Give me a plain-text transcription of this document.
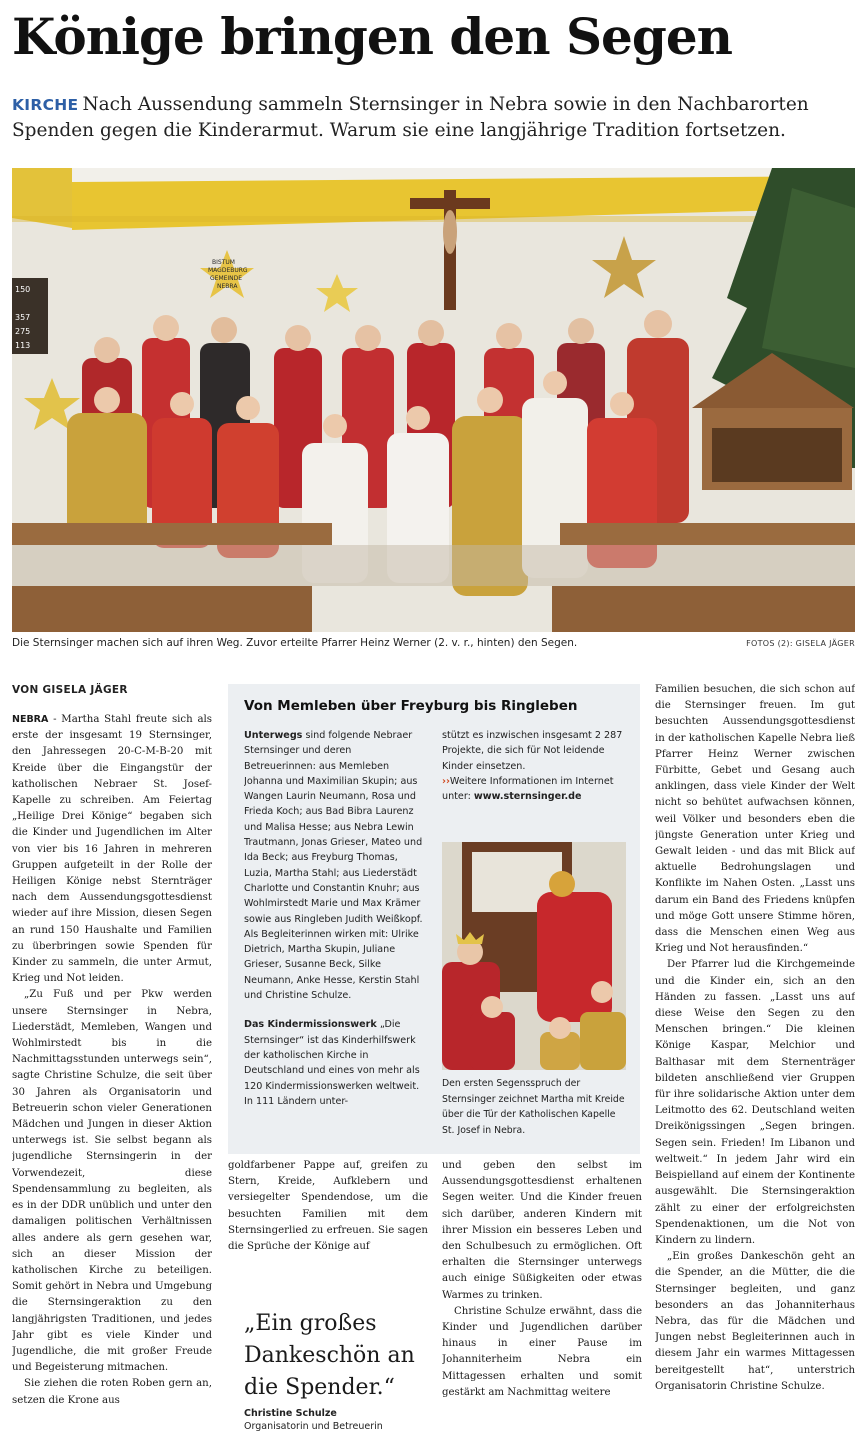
Könige bringen den Segen
KIRCHE Nach Aussendung sammeln Sternsinger in Nebra sowie in den Nachbarorten Spenden gegen die Kinderarmut. Warum sie eine langjährige Tradition fortsetzen.
150
357
275
113
BISTUM
MAGDEBURG
GEMEINDE
NEBRA
Die Sternsinger machen sich auf ihren Weg. Zuvor erteilte Pfarrer Heinz Werner (2. v. r., hinten) den Segen.	FOTOS (2): GISELA JÄGER
VON GISELA JÄGER

NEBRA - Martha Stahl freute sich als erste der insgesamt 19 Sternsinger, den Jahressegen 20-C-M-B-20 mit Kreide über die Eingangstür der katholischen Nebraer St. Josef-Kapelle zu schreiben. Am Feiertag „Heilige Drei Könige“ begaben sich die Kinder und Jugendlichen im Alter von vier bis 16 Jahren in mehreren Gruppen aufgeteilt in der Rolle der Heiligen Könige nebst Sternträger nach dem Aussendungsgottesdienst wieder auf ihre Mission, diesen Segen an rund 150 Haushalte und Familien zu überbringen sowie Spenden für Kinder zu sammeln, die unter Armut, Krieg und Not leiden.

„Zu Fuß und per Pkw werden unsere Sternsinger in Nebra, Liederstädt, Memleben, Wangen und Wohlmirstedt bis in die Nachmittagsstunden unterwegs sein“, sagte Christine Schulze, die seit über 30 Jahren als Organisatorin und Betreuerin schon vieler Generationen Mädchen und Jungen in dieser Aktion unterwegs ist. Sie selbst begann als jugendliche Sternsingerin in der Vorwendezeit, diese Spendensammlung zu begleiten, als es in der DDR unüblich und unter den damaligen politischen Verhältnissen alles andere als gern gesehen war, sich an dieser Mission der katholischen Kirche zu beteiligen. Somit gehört in Nebra und Umgebung die Sternsingeraktion zu den langjährigsten Traditionen, und jedes Jahr gibt es viele Kinder und Jugendliche, die mit großer Freude und Begeisterung mitmachen.

Sie ziehen die roten Roben gern an, setzen die Krone aus

Von Memleben über Freyburg bis Ringleben

Unterwegs sind folgende Nebraer Sternsinger und deren Betreuerinnen: aus Memleben Johanna und Maximilian Skupin; aus Wangen Laurin Neumann, Rosa und Frieda Koch; aus Bad Bibra Laurenz und Malisa Hesse; aus Nebra Lewin Trautmann, Jonas Grieser, Mateo und Ida Beck; aus Freyburg Thomas, Luzia, Martha Stahl; aus Liederstädt Charlotte und Constantin Knuhr; aus Wohlmirstedt Marie und Max Krämer sowie aus Ringleben Judith Weißkopf. Als Begleiterinnen wirken mit: Ulrike Dietrich, Martha Skupin, Juliane Grieser, Susanne Beck, Silke Neumann, Anke Hesse, Kerstin Stahl und Christine Schulze.

Das Kindermissionswerk „Die Sternsinger“ ist das Kinderhilfswerk der katholischen Kirche in Deutschland und eines von mehr als 120 Kindermissionswerken weltweit. In 111 Ländern unter-

stützt es inzwischen insgesamt 2 287 Projekte, die sich für Not leidende Kinder einsetzen.

››Weitere Informationen im Internet unter: www.sternsinger.de

Den ersten Segensspruch der Sternsinger zeichnet Martha mit Kreide über die Tür der Katholischen Kapelle St. Josef in Nebra.

goldfarbener Pappe auf, greifen zu Stern, Kreide, Aufklebern und versiegelter Spendendose, um die besuchten Familien mit dem Sternsingerlied zu erfreuen. Sie sagen die Sprüche der Könige auf

„Ein großes Dankeschön an die Spender.“
Christine Schulze
Organisatorin und Betreuerin

und geben den selbst im Aussendungsgottesdienst erhaltenen Segen weiter. Und die Kinder freuen sich darüber, anderen Kindern mit ihrer Mission ein besseres Leben und den Schulbesuch zu ermöglichen. Oft erhalten die Sternsinger unterwegs auch einige Süßigkeiten oder etwas Warmes zu trinken.

Christine Schulze erwähnt, dass die Kinder und Jugendlichen darüber hinaus in einer Pause im Johanniterheim Nebra ein Mittagessen erhalten und somit gestärkt am Nachmittag weitere

Familien besuchen, die sich schon auf die Sternsinger freuen. Im gut besuchten Aussendungsgottesdienst in der katholischen Kapelle Nebra ließ Pfarrer Heinz Werner zwischen Fürbitte, Gebet und Gesang auch anklingen, dass viele Kinder der Welt nicht so behütet aufwachsen können, weil Völker und besonders eben die jüngste Generation unter Krieg und Gewalt leiden - und das mit Blick auf aktuelle Bedrohungslagen und Konflikte im Nahen Osten. „Lasst uns darum ein Band des Friedens knüpfen und möge Gott unsere Stimme hören, dass die Menschen einen Weg aus Krieg und Not herausfinden.“

Der Pfarrer lud die Kirchgemeinde und die Kinder ein, sich an den Händen zu fassen. „Lasst uns auf diese Weise den Segen zu den Menschen bringen.“ Die kleinen Könige Kaspar, Melchior und Balthasar mit dem Sternenträger bildeten anschließend vier Gruppen für ihre solidarische Aktion unter dem Leitmotto des 62. Deutschland weiten Dreikönigssingen „Segen bringen. Segen sein. Frieden! Im Libanon und weltweit.“ In jedem Jahr wird ein Beispielland auf einem der Kontinente ausgewählt. Die Sternsingeraktion zählt zu einer der erfolgreichsten Spendenaktionen, um die Not von Kindern zu lindern.

„Ein großes Dankeschön geht an die Spender, an die Mütter, die die Sternsinger begleiten, und ganz besonders an das Johanniterhaus Nebra, das für die Mädchen und Jungen nebst Begleiterinnen auch in diesem Jahr ein warmes Mittagessen bereitgestellt hat“, unterstrich Organisatorin Christine Schulze.
